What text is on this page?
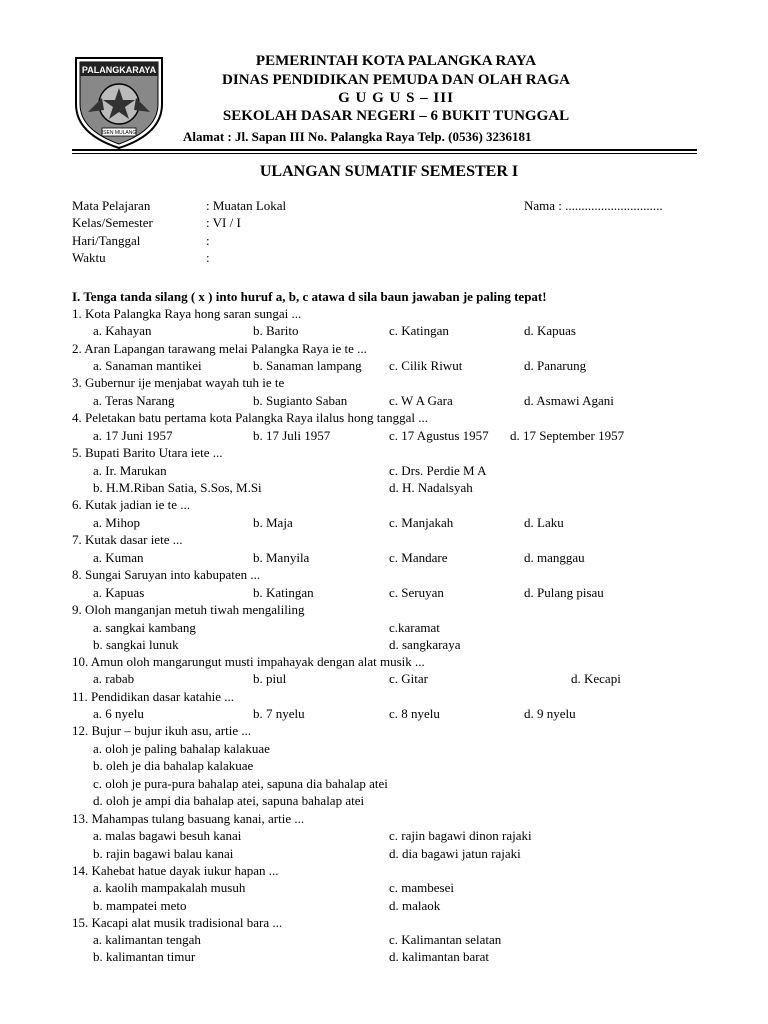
PALANGKARAYA
ISEN MULANG
PEMERINTAH KOTA PALANGKA RAYA
DINAS PENDIDIKAN PEMUDA DAN OLAH RAGA
G U G U S – III
SEKOLAH DASAR NEGERI – 6 BUKIT TUNGGAL
Alamat : Jl. Sapan III No. Palangka Raya Telp. (0536) 3236181
ULANGAN SUMATIF SEMESTER I
Mata Pelajaran	: Muatan Lokal	Nama : ..............................
Kelas/Semester	: VI / I
Hari/Tanggal	:
Waktu	:
I. Tenga tanda silang ( x ) into huruf a, b, c atawa d sila baun jawaban je paling tepat!
1. Kota Palangka Raya hong saran sungai ...
a. Kahayan	b. Barito	c. Katingan	d. Kapuas
2. Aran Lapangan tarawang melai Palangka Raya ie te ...
a. Sanaman mantikei	b. Sanaman lampang c. Cilik Riwut	d. Panarung
3. Gubernur ije menjabat wayah tuh ie te
a. Teras Narang	b. Sugianto Saban	c. W A Gara	d. Asmawi Agani
4. Peletakan batu pertama kota Palangka Raya ilalus hong tanggal ...
a. 17 Juni 1957	b. 17 Juli 1957	c. 17 Agustus 1957 d. 17 September 1957
5. Bupati Barito Utara iete ...
a. Ir. Marukan	c. Drs. Perdie M A
b. H.M.Riban Satia, S.Sos, M.Si	d. H. Nadalsyah
6. Kutak jadian ie te ...
a. Mihop	b. Maja	c. Manjakah	d. Laku
7. Kutak dasar iete ...
a. Kuman	b. Manyila	c. Mandare	d. manggau
8. Sungai Saruyan into kabupaten ...
a. Kapuas	b. Katingan	c. Seruyan	d. Pulang pisau
9. Oloh manganjan metuh tiwah mengaliling
a. sangkai kambang	c.karamat
b. sangkai lunuk	d. sangkaraya
10. Amun oloh mangarungut musti impahayak dengan alat musik ...
a. rabab	b. piul	c. Gitar	d. Kecapi
11. Pendidikan dasar katahie ...
a. 6 nyelu	b. 7 nyelu	c. 8 nyelu	d. 9 nyelu
12. Bujur – bujur ikuh asu, artie ...
a. oloh je paling bahalap kalakuae
b. oleh je dia bahalap kalakuae
c. oloh je pura-pura bahalap atei, sapuna dia bahalap atei
d. oloh je ampi dia bahalap atei, sapuna bahalap atei
13. Mahampas tulang basuang kanai, artie ...
a. malas bagawi besuh kanai	c. rajin bagawi dinon rajaki
b. rajin bagawi balau kanai	d. dia bagawi jatun rajaki
14. Kahebat hatue dayak iukur hapan ...
a. kaolih mampakalah musuh	c. mambesei
b. mampatei meto	d. malaok
15. Kacapi alat musik tradisional bara ...
a. kalimantan tengah	c. Kalimantan selatan
b. kalimantan timur	d. kalimantan barat
